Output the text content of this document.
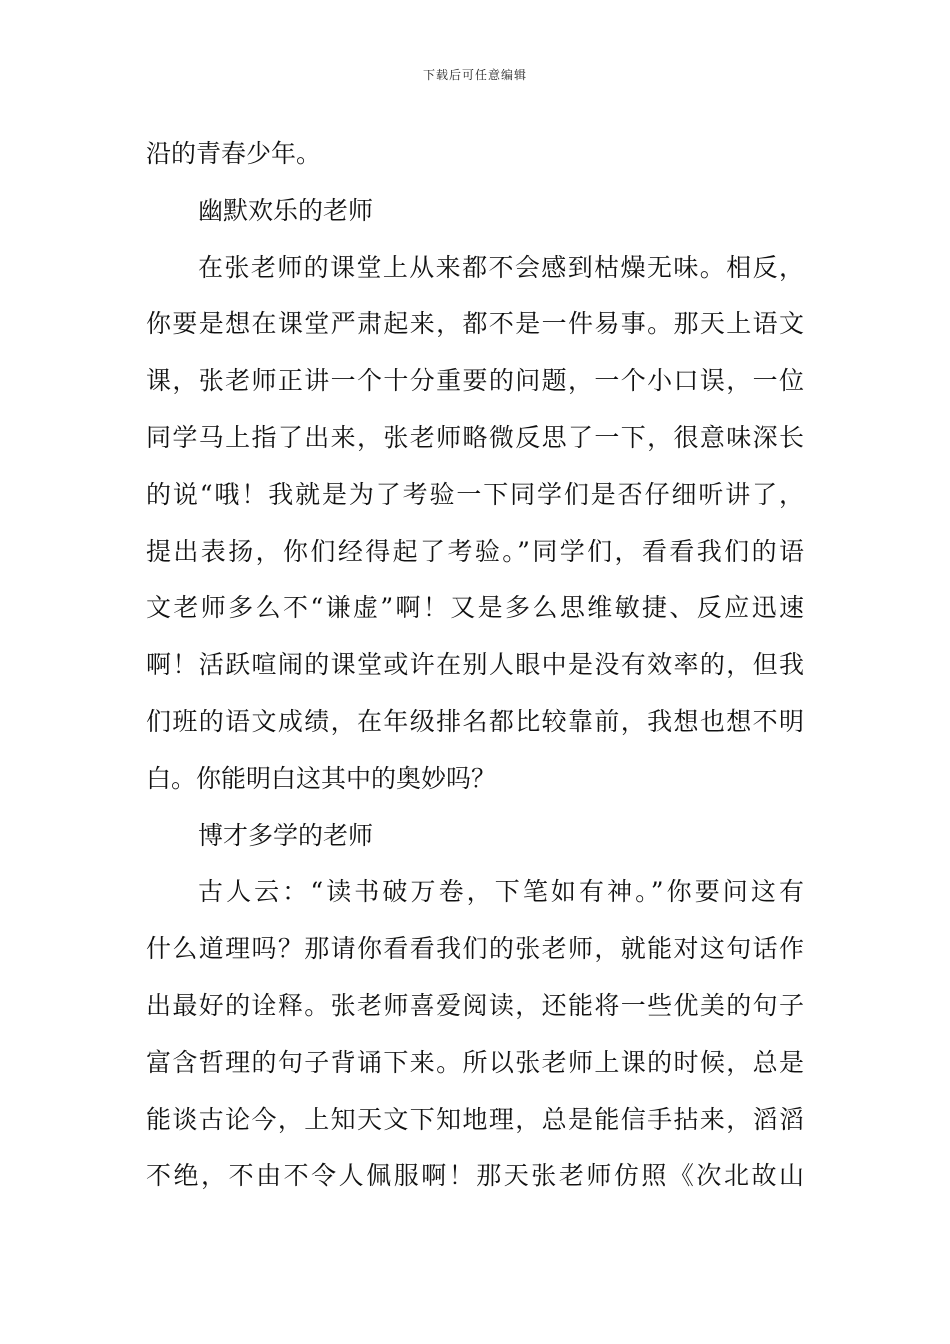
下载后可任意编辑
沿的青春少年。
幽默欢乐的老师
在张老师的课堂上从来都不会感到枯燥无味。相反，
你要是想在课堂严肃起来，都不是一件易事。那天上语文
课，张老师正讲一个十分重要的问题，一个小口误，一位
同学马上指了出来，张老师略微反思了一下，很意味深长
的说“哦！我就是为了考验一下同学们是否仔细听讲了，
提出表扬，你们经得起了考验。”同学们，看看我们的语
文老师多么不“谦虚”啊！又是多么思维敏捷、反应迅速
啊！活跃喧闹的课堂或许在别人眼中是没有效率的，但我
们班的语文成绩，在年级排名都比较靠前，我想也想不明
白。你能明白这其中的奥妙吗？
博才多学的老师
古人云：“读书破万卷，下笔如有神。”你要问这有
什么道理吗？那请你看看我们的张老师，就能对这句话作
出最好的诠释。张老师喜爱阅读，还能将一些优美的句子
富含哲理的句子背诵下来。所以张老师上课的时候，总是
能谈古论今，上知天文下知地理，总是能信手拈来，滔滔
不绝，不由不令人佩服啊！那天张老师仿照《次北故山
